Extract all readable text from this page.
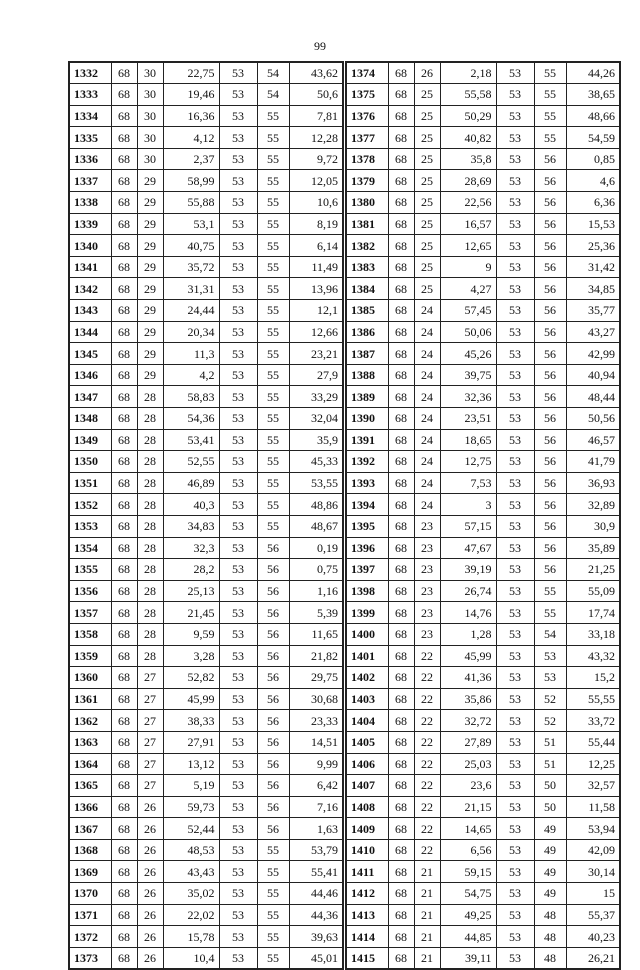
99
1332	68	30	22,75	53	54	43,62
1333	68	30	19,46	53	54	50,6
1334	68	30	16,36	53	55	7,81
1335	68	30	4,12	53	55	12,28
1336	68	30	2,37	53	55	9,72
1337	68	29	58,99	53	55	12,05
1338	68	29	55,88	53	55	10,6
1339	68	29	53,1	53	55	8,19
1340	68	29	40,75	53	55	6,14
1341	68	29	35,72	53	55	11,49
1342	68	29	31,31	53	55	13,96
1343	68	29	24,44	53	55	12,1
1344	68	29	20,34	53	55	12,66
1345	68	29	11,3	53	55	23,21
1346	68	29	4,2	53	55	27,9
1347	68	28	58,83	53	55	33,29
1348	68	28	54,36	53	55	32,04
1349	68	28	53,41	53	55	35,9
1350	68	28	52,55	53	55	45,33
1351	68	28	46,89	53	55	53,55
1352	68	28	40,3	53	55	48,86
1353	68	28	34,83	53	55	48,67
1354	68	28	32,3	53	56	0,19
1355	68	28	28,2	53	56	0,75
1356	68	28	25,13	53	56	1,16
1357	68	28	21,45	53	56	5,39
1358	68	28	9,59	53	56	11,65
1359	68	28	3,28	53	56	21,82
1360	68	27	52,82	53	56	29,75
1361	68	27	45,99	53	56	30,68
1362	68	27	38,33	53	56	23,33
1363	68	27	27,91	53	56	14,51
1364	68	27	13,12	53	56	9,99
1365	68	27	5,19	53	56	6,42
1366	68	26	59,73	53	56	7,16
1367	68	26	52,44	53	56	1,63
1368	68	26	48,53	53	55	53,79
1369	68	26	43,43	53	55	55,41
1370	68	26	35,02	53	55	44,46
1371	68	26	22,02	53	55	44,36
1372	68	26	15,78	53	55	39,63
1373	68	26	10,4	53	55	45,01
1374	68	26	2,18	53	55	44,26
1375	68	25	55,58	53	55	38,65
1376	68	25	50,29	53	55	48,66
1377	68	25	40,82	53	55	54,59
1378	68	25	35,8	53	56	0,85
1379	68	25	28,69	53	56	4,6
1380	68	25	22,56	53	56	6,36
1381	68	25	16,57	53	56	15,53
1382	68	25	12,65	53	56	25,36
1383	68	25	9	53	56	31,42
1384	68	25	4,27	53	56	34,85
1385	68	24	57,45	53	56	35,77
1386	68	24	50,06	53	56	43,27
1387	68	24	45,26	53	56	42,99
1388	68	24	39,75	53	56	40,94
1389	68	24	32,36	53	56	48,44
1390	68	24	23,51	53	56	50,56
1391	68	24	18,65	53	56	46,57
1392	68	24	12,75	53	56	41,79
1393	68	24	7,53	53	56	36,93
1394	68	24	3	53	56	32,89
1395	68	23	57,15	53	56	30,9
1396	68	23	47,67	53	56	35,89
1397	68	23	39,19	53	56	21,25
1398	68	23	26,74	53	55	55,09
1399	68	23	14,76	53	55	17,74
1400	68	23	1,28	53	54	33,18
1401	68	22	45,99	53	53	43,32
1402	68	22	41,36	53	53	15,2
1403	68	22	35,86	53	52	55,55
1404	68	22	32,72	53	52	33,72
1405	68	22	27,89	53	51	55,44
1406	68	22	25,03	53	51	12,25
1407	68	22	23,6	53	50	32,57
1408	68	22	21,15	53	50	11,58
1409	68	22	14,65	53	49	53,94
1410	68	22	6,56	53	49	42,09
1411	68	21	59,15	53	49	30,14
1412	68	21	54,75	53	49	15
1413	68	21	49,25	53	48	55,37
1414	68	21	44,85	53	48	40,23
1415	68	21	39,11	53	48	26,21
